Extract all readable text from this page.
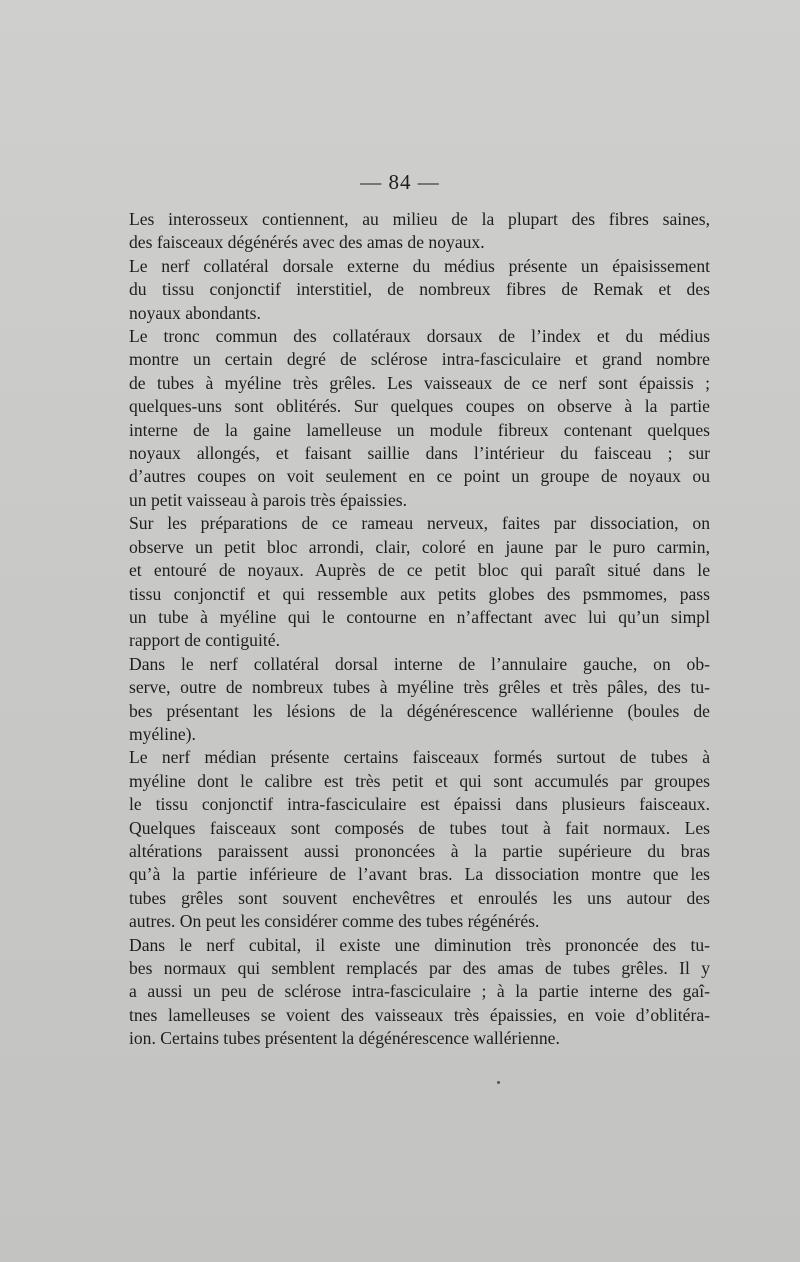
— 84 —

Les interosseux contiennent, au milieu de la plupart des fibres saines,
des faisceaux dégénérés avec des amas de noyaux.

Le nerf collatéral dorsale externe du médius présente un épaisissement
du tissu conjonctif interstitiel, de nombreux fibres de Remak et des
noyaux abondants.

Le tronc commun des collatéraux dorsaux de l’index et du médius
montre un certain degré de sclérose intra-fasciculaire et grand nombre
de tubes à myéline très grêles. Les vaisseaux de ce nerf sont épaissis ;
quelques-uns sont oblitérés. Sur quelques coupes on observe à la partie
interne de la gaine lamelleuse un module fibreux contenant quelques
noyaux allongés, et faisant saillie dans l’intérieur du faisceau ; sur
d’autres coupes on voit seulement en ce point un groupe de noyaux ou
un petit vaisseau à parois très épaissies.

Sur les préparations de ce rameau nerveux, faites par dissociation, on
observe un petit bloc arrondi, clair, coloré en jaune par le puro carmin,
et entouré de noyaux. Auprès de ce petit bloc qui paraît situé dans le
tissu conjonctif et qui ressemble aux petits globes des psmmomes, pass
un tube à myéline qui le contourne en n’affectant avec lui qu’un simpl
rapport de contiguité.

Dans le nerf collatéral dorsal interne de l’annulaire gauche, on ob-
serve, outre de nombreux tubes à myéline très grêles et très pâles, des tu-
bes présentant les lésions de la dégénérescence wallérienne (boules de
myéline).

Le nerf médian présente certains faisceaux formés surtout de tubes à
myéline dont le calibre est très petit et qui sont accumulés par groupes
le tissu conjonctif intra-fasciculaire est épaissi dans plusieurs faisceaux.
Quelques faisceaux sont composés de tubes tout à fait normaux. Les
altérations paraissent aussi prononcées à la partie supérieure du bras
qu’à la partie inférieure de l’avant bras. La dissociation montre que les
tubes grêles sont souvent enchevêtres et enroulés les uns autour des
autres. On peut les considérer comme des tubes régénérés.

Dans le nerf cubital, il existe une diminution très prononcée des tu-
bes normaux qui semblent remplacés par des amas de tubes grêles. Il y
a aussi un peu de sclérose intra-fasciculaire ; à la partie interne des gaî-
tnes lamelleuses se voient des vaisseaux très épaissies, en voie d’oblitéra-
ion. Certains tubes présentent la dégénérescence wallérienne.
